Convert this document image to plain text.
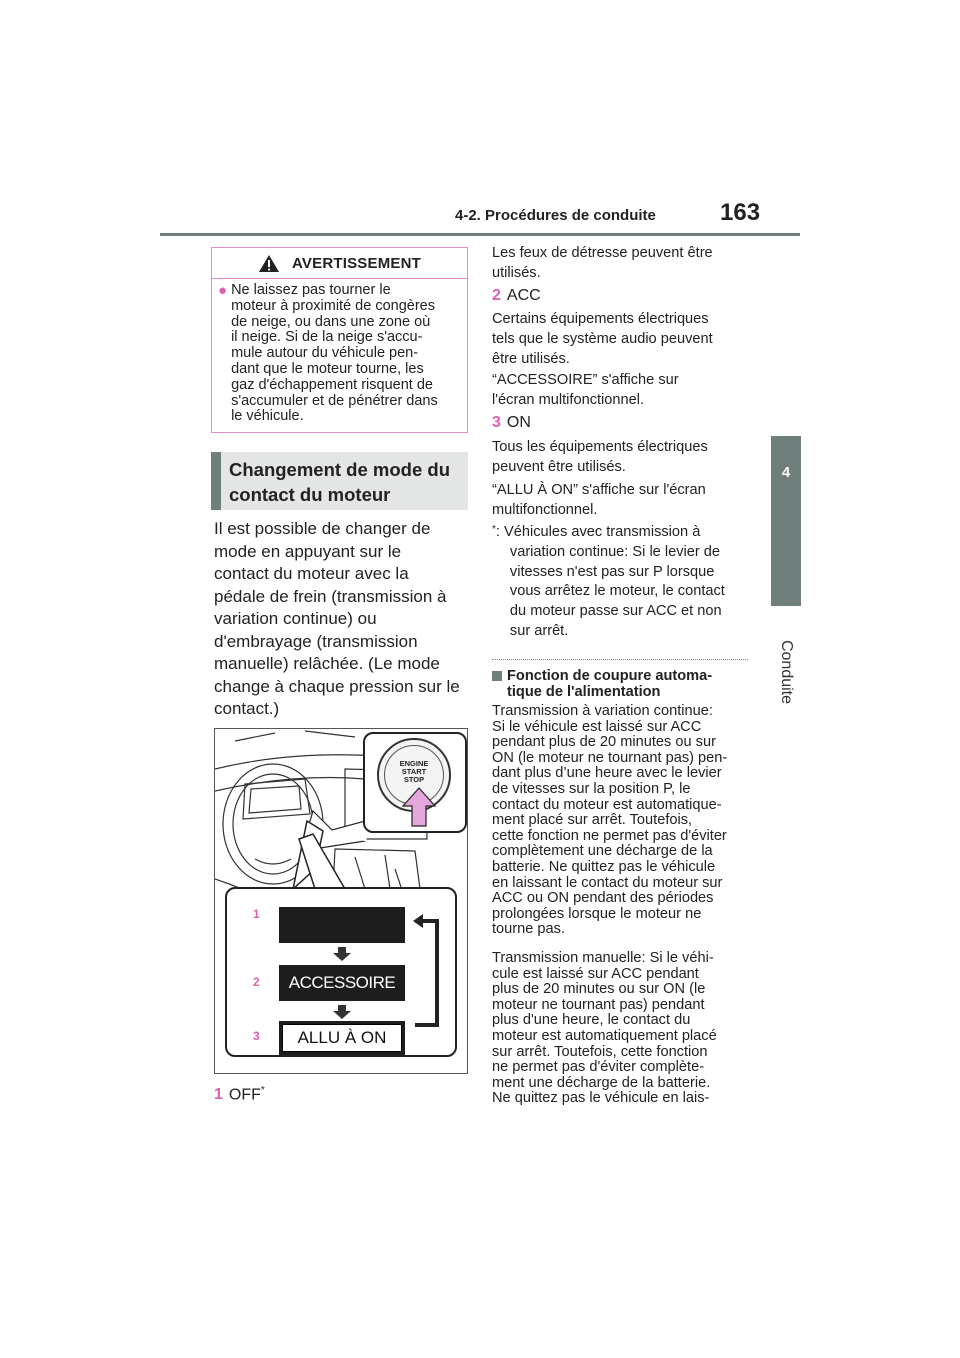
4-2. Procédures de conduite	163
4
Conduite
AVERTISSEMENT
● Ne laissez pas tourner le
moteur à proximité de congères
de neige, ou dans une zone où
il neige. Si de la neige s'accu-
mule autour du véhicule pen-
dant que le moteur tourne, les
gaz d'échappement risquent de
s'accumuler et de pénétrer dans
le véhicule.
Changement de mode du
contact du moteur
Il est possible de changer de
mode en appuyant sur le
contact du moteur avec la
pédale de frein (transmission à
variation continue) ou
d'embrayage (transmission
manuelle) relâchée. (Le mode
change à chaque pression sur le
contact.)
ENGINE
START
STOP
1
2	ACCESSOIRE
3	ALLU À ON
1 OFF*
Les feux de détresse peuvent être
utilisés.
2 ACC
Certains équipements électriques
tels que le système audio peuvent
être utilisés.
“ACCESSOIRE” s'affiche sur
l'écran multifonctionnel.
3 ON
Tous les équipements électriques
peuvent être utilisés.
“ALLU À ON” s'affiche sur l'écran
multifonctionnel.
* : Véhicules avec transmission à
variation continue: Si le levier de
vitesses n'est pas sur P lorsque
vous arrêtez le moteur, le contact
du moteur passe sur ACC et non
sur arrêt.
Fonction de coupure automa-
tique de l'alimentation
Transmission à variation continue:
Si le véhicule est laissé sur ACC
pendant plus de 20 minutes ou sur
ON (le moteur ne tournant pas) pen-
dant plus d’une heure avec le levier
de vitesses sur la position P, le
contact du moteur est automatique-
ment placé sur arrêt. Toutefois,
cette fonction ne permet pas d'éviter
complètement une décharge de la
batterie. Ne quittez pas le véhicule
en laissant le contact du moteur sur
ACC ou ON pendant des périodes
prolongées lorsque le moteur ne
tourne pas.
Transmission manuelle: Si le véhi-
cule est laissé sur ACC pendant
plus de 20 minutes ou sur ON (le
moteur ne tournant pas) pendant
plus d'une heure, le contact du
moteur est automatiquement placé
sur arrêt. Toutefois, cette fonction
ne permet pas d'éviter complète-
ment une décharge de la batterie.
Ne quittez pas le véhicule en lais-
